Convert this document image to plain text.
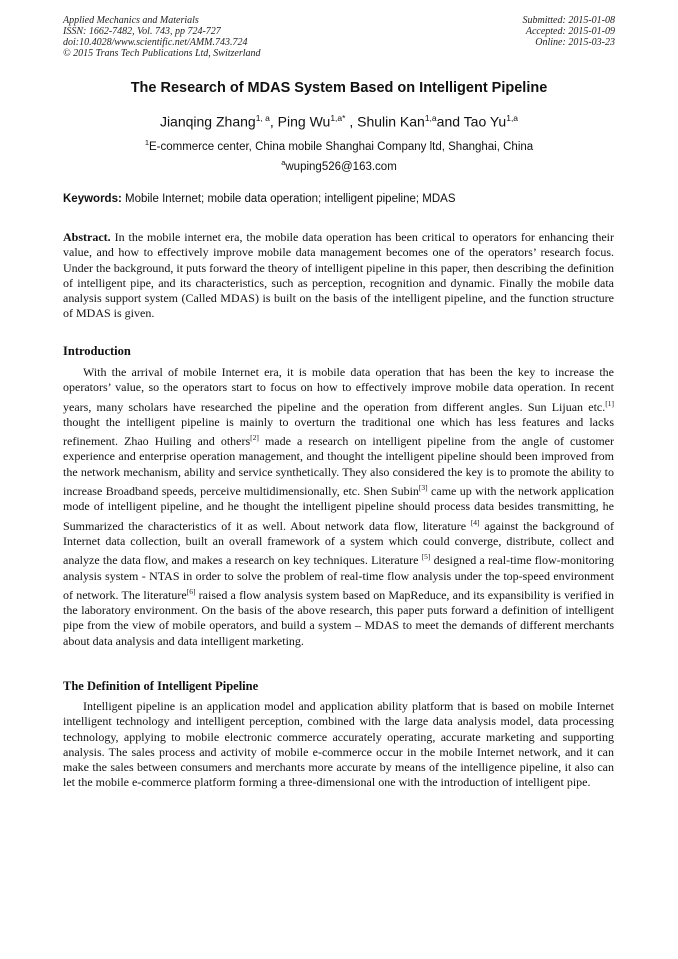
Applied Mechanics and Materials
ISSN: 1662-7482, Vol. 743, pp 724-727
doi:10.4028/www.scientific.net/AMM.743.724
© 2015 Trans Tech Publications Ltd, Switzerland
Submitted: 2015-01-08
Accepted: 2015-01-09
Online: 2015-03-23
The Research of MDAS System Based on Intelligent Pipeline
Jianqing Zhang$^{1, a}$, Ping $Wu^{1,a*}$ , Shulin Kan$^{1,a}$and Tao Yu$^{1,a}$
$^1$E-commerce center, China mobile Shanghai Company ltd, Shanghai, China
$^a$wuping526@163.com
Keywords: Mobile Internet; mobile data operation; intelligent pipeline; MDAS

Abstract. In the mobile internet era, the mobile data operation has been critical to operators for enhancing their value, and how to effectively improve mobile data management becomes one of the operators’ research focus. Under the background, it puts forward the theory of intelligent pipeline in this paper, then describing the definition of intelligent pipe, and its characteristics, such as perception, recognition and dynamic. Finally the mobile data analysis support system (Called MDAS) is built on the basis of the intelligent pipeline, and the function structure of MDAS is given.

Introduction

With the arrival of mobile Internet era, it is mobile data operation that has been the key to increase the operators’ value, so the operators start to focus on how to effectively improve mobile data operation. In recent years, many scholars have researched the pipeline and the operation from different angles. Sun Lijuan etc.[1] thought the intelligent pipeline is mainly to overturn the traditional one which has less features and lacks refinement. Zhao Huiling and others[2] made a research on intelligent pipeline from the angle of customer experience and enterprise operation management, and thought the intelligent pipeline should been improved from the network mechanism, ability and service synthetically. They also considered the key is to promote the ability to increase Broadband speeds, perceive multidimensionally, etc. Shen Subin[3] came up with the network application mode of intelligent pipeline, and he thought the intelligent pipeline should process data besides transmitting, he Summarized the characteristics of it as well. About network data flow, literature [4] against the background of Internet data collection, built an overall framework of a system which could converge, distribute, collect and analyze the data flow, and makes a research on key techniques. Literature [5] designed a real-time flow-monitoring analysis system - NTAS in order to solve the problem of real-time flow analysis under the top-speed environment of network. The literature[6] raised a flow analysis system based on MapReduce, and its expansibility is verified in the laboratory environment. On the basis of the above research, this paper puts forward a definition of intelligent pipe from the view of mobile operators, and build a system – MDAS to meet the demands of different merchants about data analysis and data intelligent marketing.

The Definition of Intelligent Pipeline

Intelligent pipeline is an application model and application ability platform that is based on mobile Internet intelligent technology and intelligent perception, combined with the large data analysis model, data processing technology, applying to mobile electronic commerce accurately operating, accurate marketing and supporting analysis. The sales process and activity of mobile e-commerce occur in the mobile Internet network, and it can make the sales between consumers and merchants more accurate by means of the intelligence pipeline, it also can let the mobile e-commerce platform forming a three-dimensional one with the introduction of intelligent pipe.
